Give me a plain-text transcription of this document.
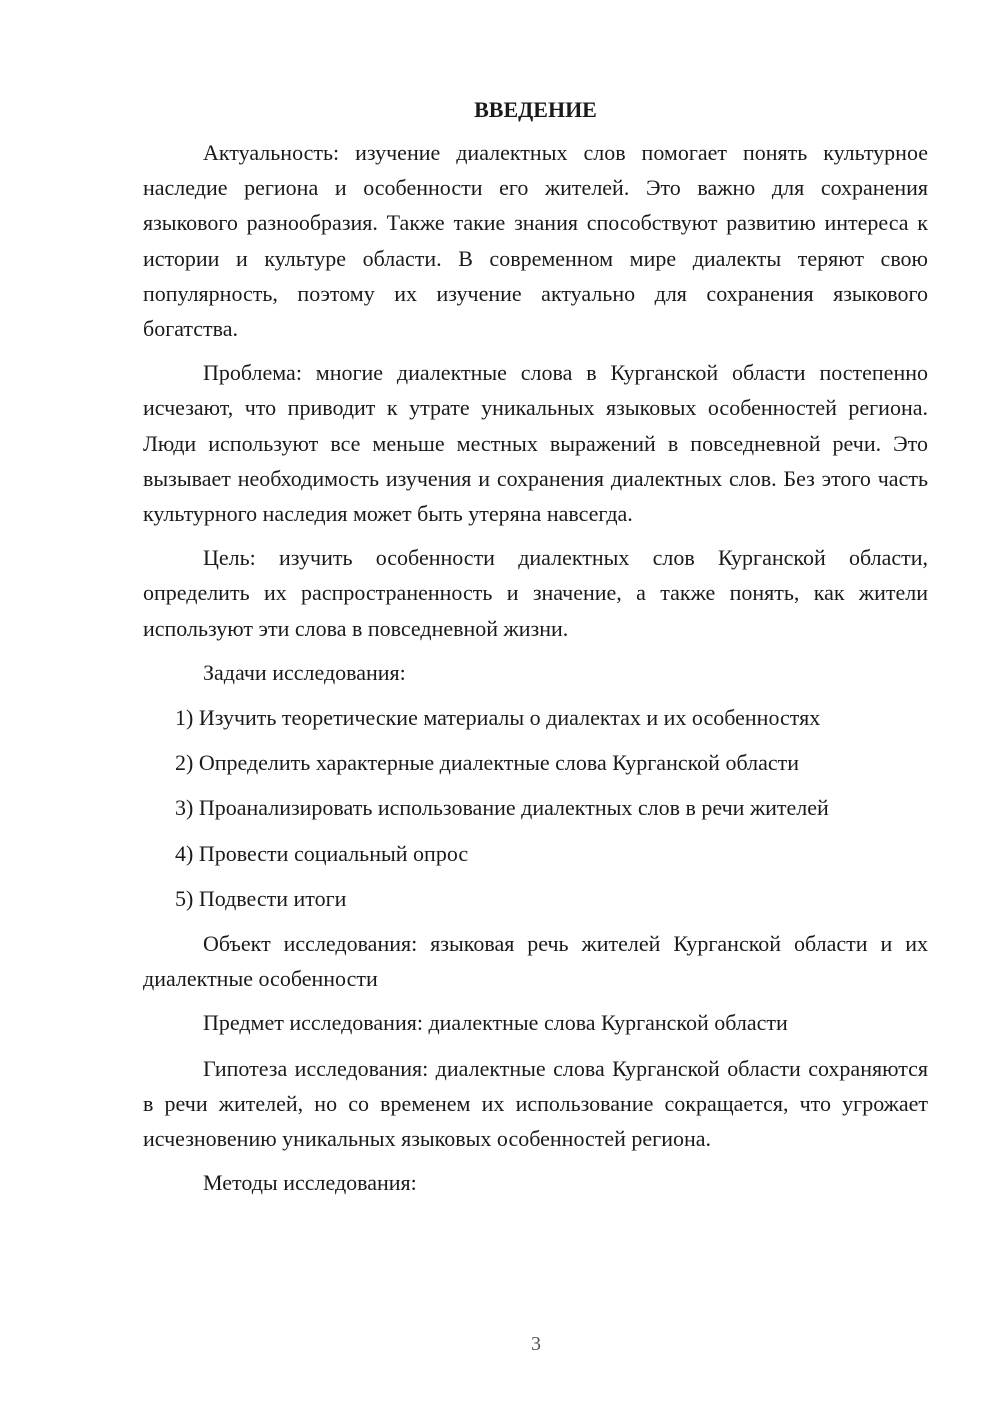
ВВЕДЕНИЕ

Актуальность: изучение диалектных слов помогает понять культурное наследие региона и особенности его жителей. Это важно для сохранения языкового разнообразия. Также такие знания способствуют развитию интереса к истории и культуре области. В современном мире диалекты теряют свою популярность, поэтому их изучение актуально для сохранения языкового богатства.

Проблема: многие диалектные слова в Курганской области постепенно исчезают, что приводит к утрате уникальных языковых особенностей региона. Люди используют все меньше местных выражений в повседневной речи. Это вызывает необходимость изучения и сохранения диалектных слов. Без этого часть культурного наследия может быть утеряна навсегда.

Цель: изучить особенности диалектных слов Курганской области, определить их распространенность и значение, а также понять, как жители используют эти слова в повседневной жизни.

Задачи исследования:
1) Изучить теоретические материалы о диалектах и их особенностях
2) Определить характерные диалектные слова Курганской области
3) Проанализировать использование диалектных слов в речи жителей
4) Провести социальный опрос
5) Подвести итоги

Объект исследования: языковая речь жителей Курганской области и их диалектные особенности

Предмет исследования: диалектные слова Курганской области

Гипотеза исследования: диалектные слова Курганской области сохраняются в речи жителей, но со временем их использование сокращается, что угрожает исчезновению уникальных языковых особенностей региона.

Методы исследования:

3
